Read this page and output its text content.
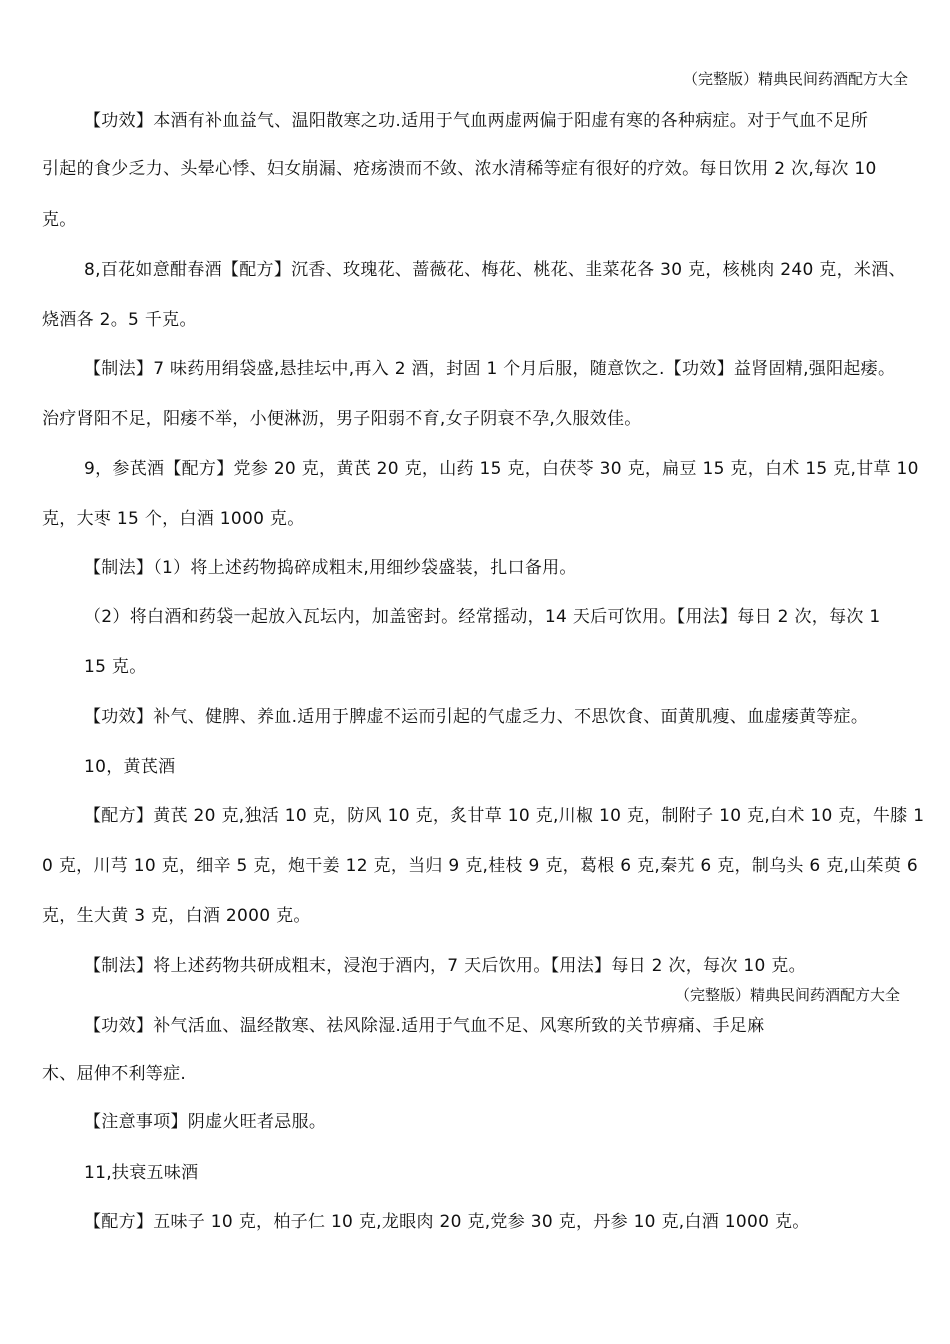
（完整版）精典民间药酒配方大全
【功效】本酒有补血益气、温阳散寒之功.适用于气血两虚两偏于阳虚有寒的各种病症。对于气血不足所
引起的食少乏力、头晕心悸、妇女崩漏、疮疡溃而不敛、浓水清稀等症有很好的疗效。每日饮用 2 次,每次 10
克。
8,百花如意酣春酒【配方】沉香、玫瑰花、蔷薇花、梅花、桃花、韭菜花各 30 克，核桃肉 240 克，米酒、
烧酒各 2。5 千克。
【制法】7 味药用绢袋盛,悬挂坛中,再入 2 酒，封固 1 个月后服，随意饮之.【功效】益肾固精,强阳起痿。
治疗肾阳不足，阳痿不举，小便淋沥，男子阳弱不育,女子阴衰不孕,久服效佳。
9，参芪酒【配方】党参 20 克，黄芪 20 克，山药 15 克，白茯苓 30 克，扁豆 15 克，白术 15 克,甘草 10
克，大枣 15 个，白酒 1000 克。
【制法】（1）将上述药物捣碎成粗末,用细纱袋盛装，扎口备用。
（2）将白酒和药袋一起放入瓦坛内，加盖密封。经常摇动，14 天后可饮用。【用法】每日 2 次，每次 1
15 克。
【功效】补气、健脾、养血.适用于脾虚不运而引起的气虚乏力、不思饮食、面黄肌瘦、血虚痿黄等症。
10，黄芪酒
【配方】黄芪 20 克,独活 10 克，防风 10 克，炙甘草 10 克,川椒 10 克，制附子 10 克,白术 10 克，牛膝 1
0 克，川芎 10 克，细辛 5 克，炮干姜 12 克，当归 9 克,桂枝 9 克，葛根 6 克,秦艽 6 克，制乌头 6 克,山茱萸 6
克，生大黄 3 克，白酒 2000 克。
【制法】将上述药物共研成粗末，浸泡于酒内，7 天后饮用。【用法】每日 2 次，每次 10 克。
（完整版）精典民间药酒配方大全
【功效】补气活血、温经散寒、祛风除湿.适用于气血不足、风寒所致的关节痹痛、手足麻
木、屈伸不利等症.
【注意事项】阴虚火旺者忌服。
11,扶衰五味酒
【配方】五味子 10 克，柏子仁 10 克,龙眼肉 20 克,党参 30 克，丹参 10 克,白酒 1000 克。
